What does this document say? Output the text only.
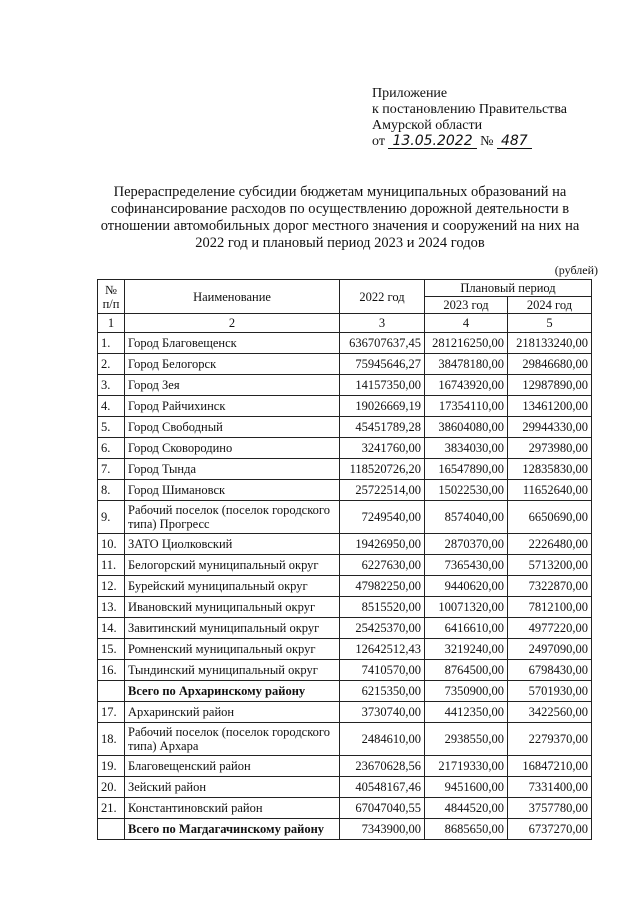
Приложение
к постановлению Правительства
Амурской области
от 13.05.2022 № 487
Перераспределение субсидии бюджетам муниципальных образований на софинансирование расходов по осуществлению дорожной деятельности в отношении автомобильных дорог местного значения и сооружений на них на 2022 год и плановый период 2023 и 2024 годов
(рублей)
№ п/п	Наименование	2022 год	Плановый период	
			2023 год	2024 год
1	2	3	4	5
1.	Город Благовещенск	636707637,45	281216250,00	218133240,00
2.	Город Белогорск	75945646,27	38478180,00	29846680,00
3.	Город Зея	14157350,00	16743920,00	12987890,00
4.	Город Райчихинск	19026669,19	17354110,00	13461200,00
5.	Город Свободный	45451789,28	38604080,00	29944330,00
6.	Город Сковородино	3241760,00	3834030,00	2973980,00
7.	Город Тында	118520726,20	16547890,00	12835830,00
8.	Город Шимановск	25722514,00	15022530,00	11652640,00
9.	Рабочий поселок (поселок городского типа) Прогресс	7249540,00	8574040,00	6650690,00
10.	ЗАТО Циолковский	19426950,00	2870370,00	2226480,00
11.	Белогорский муниципальный округ	6227630,00	7365430,00	5713200,00
12.	Бурейский муниципальный округ	47982250,00	9440620,00	7322870,00
13.	Ивановский муниципальный округ	8515520,00	10071320,00	7812100,00
14.	Завитинский муниципальный округ	25425370,00	6416610,00	4977220,00
15.	Ромненский муниципальный округ	12642512,43	3219240,00	2497090,00
16.	Тындинский муниципальный округ	7410570,00	8764500,00	6798430,00
	Всего по Архаринскому району	6215350,00	7350900,00	5701930,00
17.	Архаринский район	3730740,00	4412350,00	3422560,00
18.	Рабочий поселок (поселок городского типа) Архара	2484610,00	2938550,00	2279370,00
19.	Благовещенский район	23670628,56	21719330,00	16847210,00
20.	Зейский район	40548167,46	9451600,00	7331400,00
21.	Константиновский район	67047040,55	4844520,00	3757780,00
	Всего по Магдагачинскому району	7343900,00	8685650,00	6737270,00
